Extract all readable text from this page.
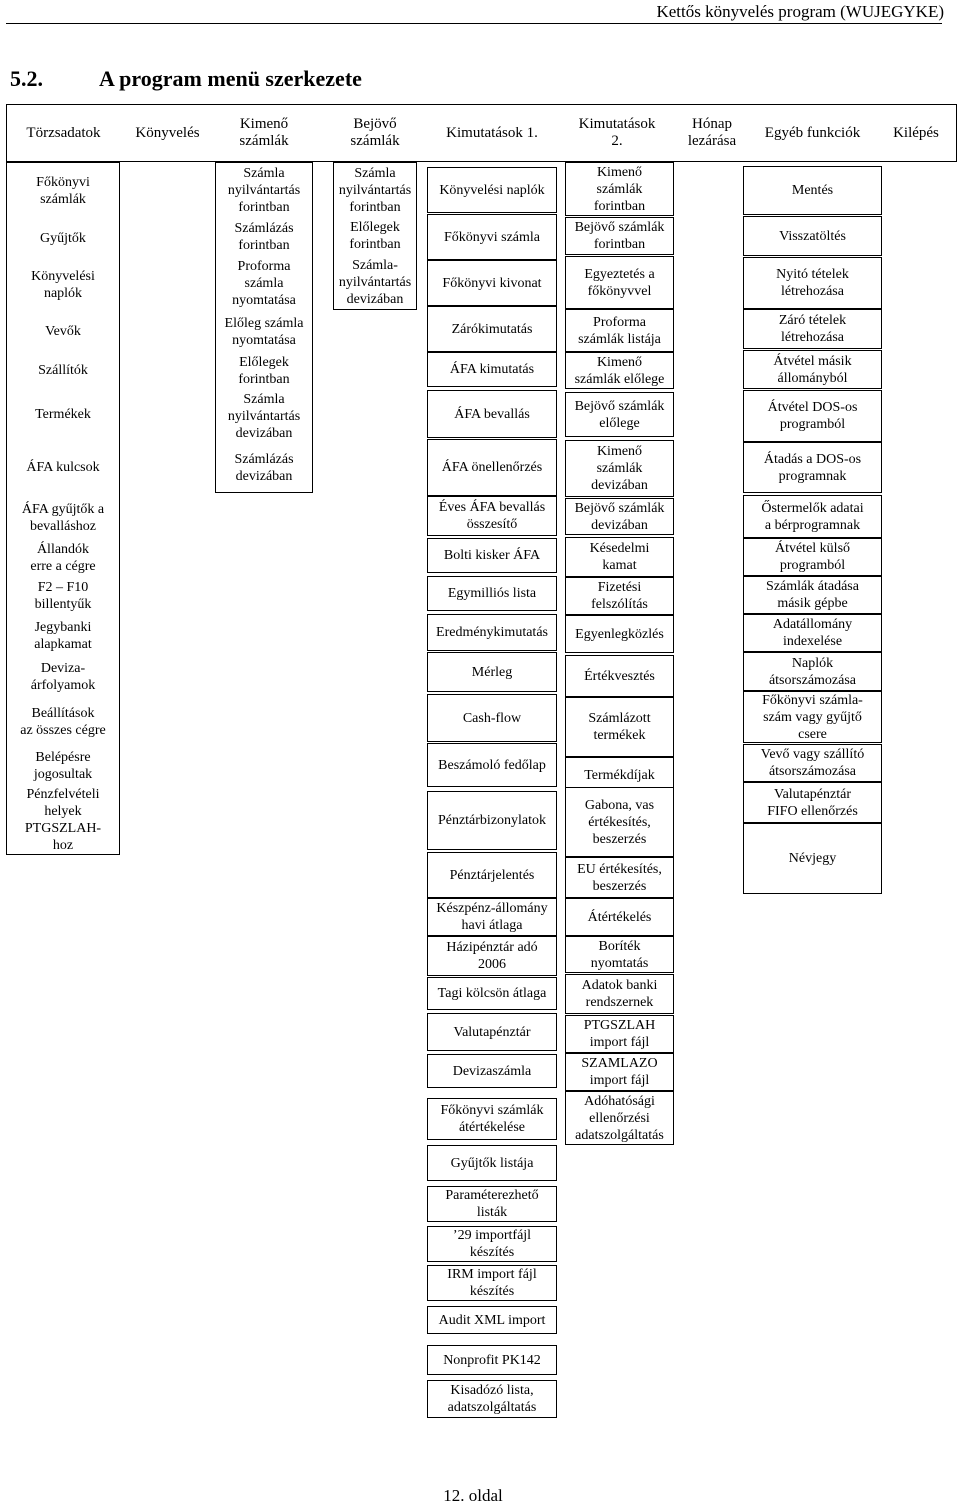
Kettős könyvelés program (WUJEGYKE)
5.2.	A program menü szerkezete
Törzsadatok	Könyvelés
Kimenő
számlák
Bejövő
számlák
Kimutatások 1.
Kimutatások
2.
Hónap
lezárása
Egyéb funkciók	Kilépés
Főkönyvi
számlák
Gyűjtők
Könyvelési
naplók
Vevők
Szállítók
Termékek
ÁFA kulcsok
ÁFA gyűjtők a
bevalláshoz
Állandók
erre a cégre
F2 – F10
billentyűk
Jegybanki
alapkamat
Deviza-
árfolyamok
Beállítások
az összes cégre
Belépésre
jogosultak
Pénzfelvételi
helyek
PTGSZLAH-
hoz
Számla
nyilvántartás
forintban
Számlázás
forintban
Proforma
számla
nyomtatása
Előleg számla
nyomtatása
Előlegek
forintban
Számla
nyilvántartás
devizában
Számlázás
devizában
Számla
nyilvántartás
forintban
Előlegek
forintban
Számla-
nyilvántartás
devizában
Könyvelési naplók
Főkönyvi számla
Főkönyvi kivonat
Zárókimutatás
ÁFA kimutatás
ÁFA bevallás
ÁFA önellenőrzés
Éves ÁFA bevallás
összesítő
Bolti kisker ÁFA
Egymilliós lista
Eredménykimutatás
Mérleg
Cash-flow
Beszámoló fedőlap
Pénztárbizonylatok
Pénztárjelentés
Készpénz-állomány
havi átlaga
Házipénztár adó
2006
Tagi kölcsön átlaga
Valutapénztár
Devizaszámla
Főkönyvi számlák
átértékelése
Gyűjtők listája
Paraméterezhető
listák
’29 importfájl
készítés
IRM import fájl
készítés
Audit XML import
Nonprofit PK142
Kisadózó lista,
adatszolgáltatás
Kimenő
számlák
forintban
Bejövő számlák
forintban
Egyeztetés a
főkönyvvel
Proforma
számlák listája
Kimenő
számlák előlege
Bejövő számlák
előlege
Kimenő
számlák
devizában
Bejövő számlák
devizában
Késedelmi
kamat
Fizetési
felszólítás
Egyenlegközlés
Értékvesztés
Számlázott
termékek
Termékdíjak
Gabona, vas
értékesítés,
beszerzés
EU értékesítés,
beszerzés
Átértékelés
Boríték
nyomtatás
Adatok banki
rendszernek
PTGSZLAH
import fájl
SZAMLAZO
import fájl
Adóhatósági
ellenőrzési
adatszolgáltatás
Mentés
Visszatöltés
Nyitó tételek
létrehozása
Záró tételek
létrehozása
Átvétel másik
állományból
Átvétel DOS-os
programból
Átadás a DOS-os
programnak
Őstermelők adatai
a bérprogramnak
Átvétel külső
programból
Számlák átadása
másik gépbe
Adatállomány
indexelése
Naplók
átsorszámozása
Főkönyvi számla-
szám vagy gyűjtő
csere
Vevő vagy szállító
átsorszámozása
Valutapénztár
FIFO ellenőrzés
Névjegy
12. oldal
